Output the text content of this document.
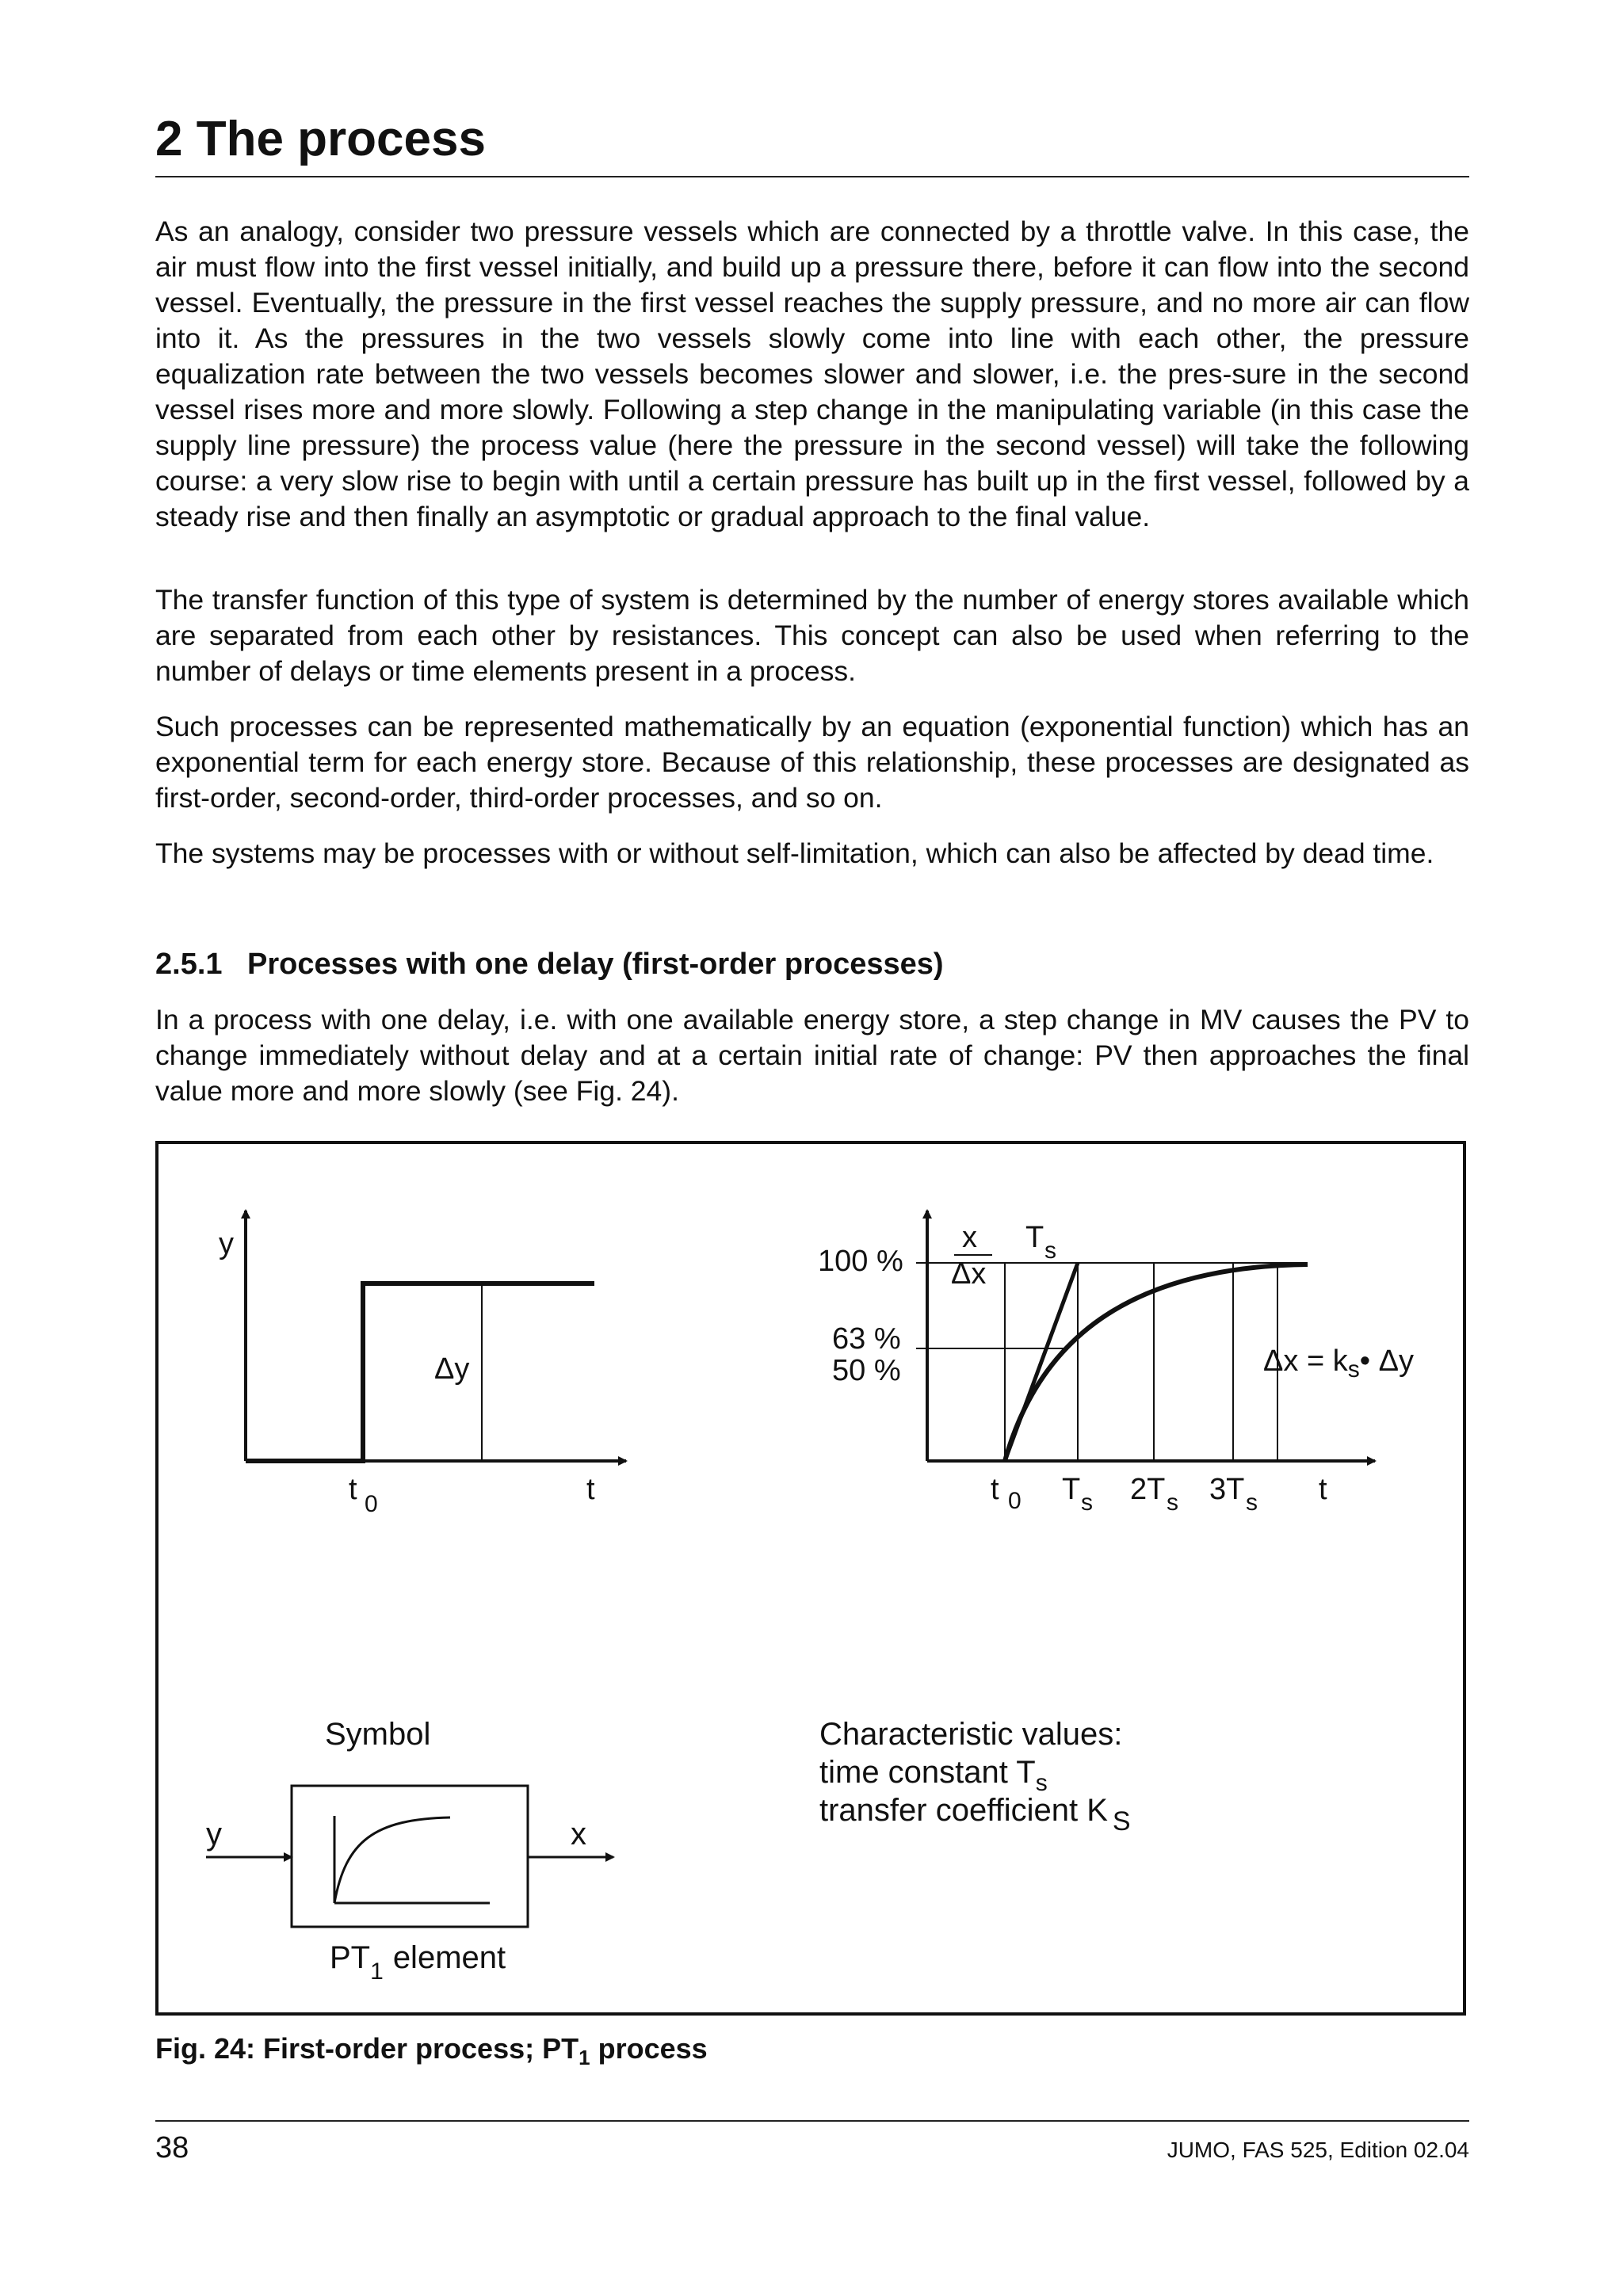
2 The process

As an analogy, consider two pressure vessels which are connected by a throttle valve. In this case, the air must flow into the first vessel initially, and build up a pressure there, before it can flow into the second vessel. Eventually, the pressure in the first vessel reaches the supply pressure, and no more air can flow into it. As the pressures in the two vessels slowly come into line with each other, the pressure equalization rate between the two vessels becomes slower and slower, i.e. the pres-sure in the second vessel rises more and more slowly. Following a step change in the manipulating variable (in this case the supply line pressure) the process value (here the pressure in the second vessel) will take the following course: a very slow rise to begin with until a certain pressure has built up in the first vessel, followed by a steady rise and then finally an asymptotic or gradual approach to the final value.

The transfer function of this type of system is determined by the number of energy stores available which are separated from each other by resistances. This concept can also be used when referring to the number of delays or time elements present in a process.

Such processes can be represented mathematically by an equation (exponential function) which has an exponential term for each energy store. Because of this relationship, these processes are designated as first-order, second-order, third-order processes, and so on.

The systems may be processes with or without self-limitation, which can also be affected by dead time.

2.5.1 Processes with one delay (first-order processes)

In a process with one delay, i.e. with one available energy store, a step change in MV causes the PV to change immediately without delay and at a certain initial rate of change: PV then approaches the final value more and more slowly (see Fig. 24).

y
Δy
t 0	t
x
Δx
100 %
63 %
50 %
T s
$\Delta x = k_s•$ Δy
t 0 T s 2T s 3T s t
Symbol
y	x
$PT_1$ element
Characteristic values:
time constant $T_s$
transfer coefficient K $_S$
Fig. 24: First-order process; $PT_1$ process
38	JUMO, FAS 525, Edition 02.04
